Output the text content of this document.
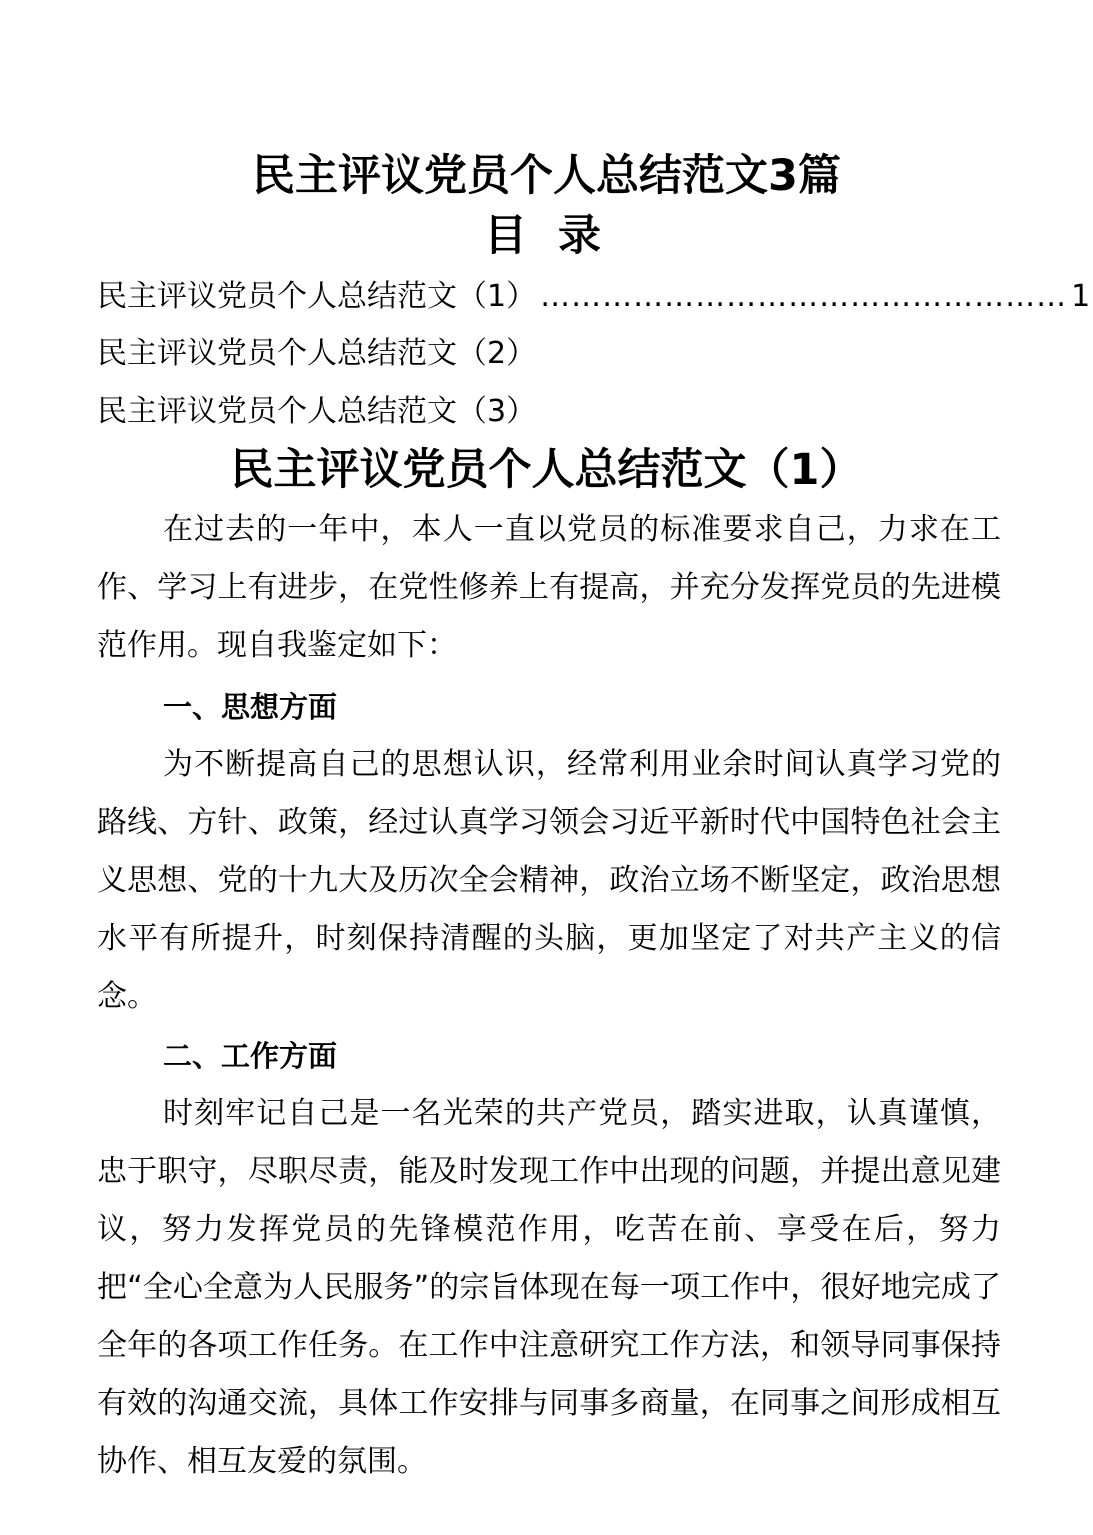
民主评议党员个人总结范文3篇
目 录
民主评议党员个人总结范文（1） …………………………………………… 1
民主评议党员个人总结范文（2）
民主评议党员个人总结范文（3）
民主评议党员个人总结范文（1）

在过去的一年中，本人一直以党员的标准要求自己，力求在工作、学习上有进步，在党性修养上有提高，并充分发挥党员的先进模范作用。现自我鉴定如下：

一、思想方面

为不断提高自己的思想认识，经常利用业余时间认真学习党的路线、方针、政策，经过认真学习领会习近平新时代中国特色社会主义思想、党的十九大及历次全会精神，政治立场不断坚定，政治思想水平有所提升，时刻保持清醒的头脑，更加坚定了对共产主义的信念。

二、工作方面

时刻牢记自己是一名光荣的共产党员，踏实进取，认真谨慎，忠于职守，尽职尽责，能及时发现工作中出现的问题，并提出意见建议，努力发挥党员的先锋模范作用，吃苦在前、享受在后，努力把“全心全意为人民服务”的宗旨体现在每一项工作中，很好地完成了全年的各项工作任务。在工作中注意研究工作方法，和领导同事保持有效的沟通交流，具体工作安排与同事多商量，在同事之间形成相互协作、相互友爱的氛围。
